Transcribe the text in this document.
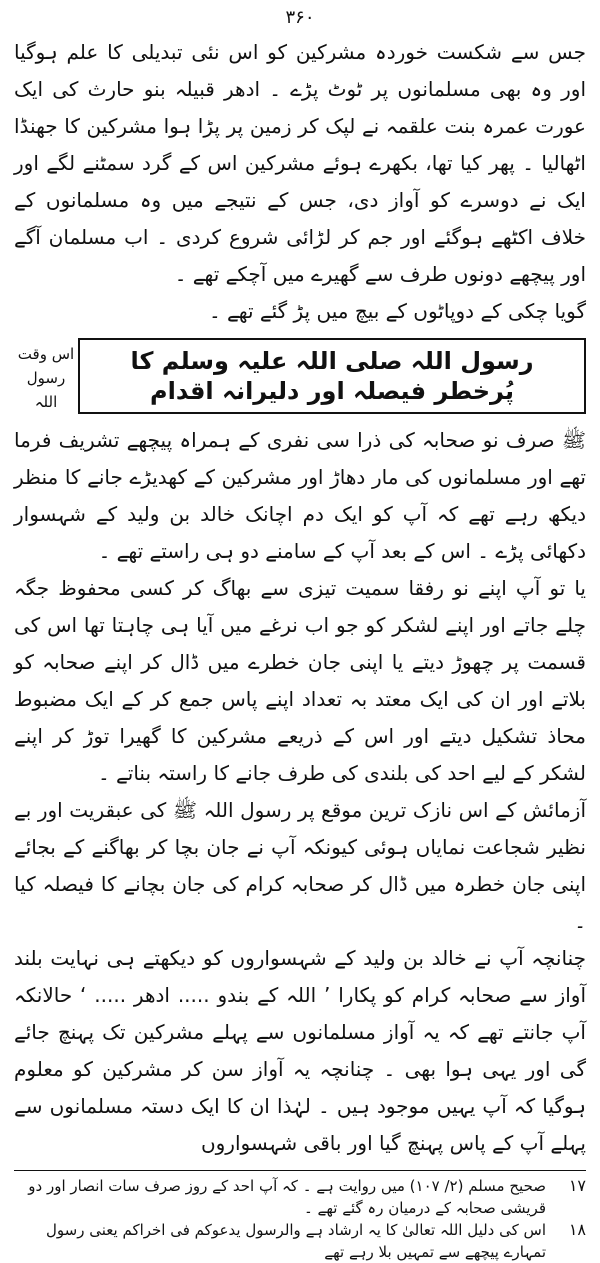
۳۶۰

جس سے شکست خوردہ مشرکین کو اس نئی تبدیلی کا علم ہوگیا اور وہ بھی مسلمانوں پر ٹوٹ پڑے ۔ ادھر قبیلہ بنو حارث کی ایک عورت عمرہ بنت علقمہ نے لپک کر زمین پر پڑا ہوا مشرکین کا جھنڈا اٹھالیا ۔ پھر کیا تھا، بکھرے ہوئے مشرکین اس کے گرد سمٹنے لگے اور ایک نے دوسرے کو آواز دی، جس کے نتیجے میں وہ مسلمانوں کے خلاف اکٹھے ہوگئے اور جم کر لڑائی شروع کردی ۔ اب مسلمان آگے اور پیچھے دونوں طرف سے گھیرے میں آچکے تھے ۔

گویا چکی کے دوپاٹوں کے بیچ میں پڑ گئے تھے ۔

رسول اللہ صلی اللہ علیہ وسلم کا پُرخطر فیصلہ اور دلیرانہ اقدام
اس وقت رسول اللہ

ﷺ صرف نو صحابہ کی ذرا سی نفری کے ہمراہ پیچھے تشریف فرما تھے اور مسلمانوں کی مار دھاڑ اور مشرکین کے کھدیڑے جانے کا منظر دیکھ رہے تھے کہ آپ کو ایک دم اچانک خالد بن ولید کے شہسوار دکھائی پڑے ۔ اس کے بعد آپ کے سامنے دو ہی راستے تھے ۔

یا تو آپ اپنے نو رفقا سمیت تیزی سے بھاگ کر کسی محفوظ جگہ چلے جاتے اور اپنے لشکر کو جو اب نرغے میں آیا ہی چاہتا تھا اس کی قسمت پر چھوڑ دیتے یا اپنی جان خطرے میں ڈال کر اپنے صحابہ کو بلاتے اور ان کی ایک معتد بہ تعداد اپنے پاس جمع کر کے ایک مضبوط محاذ تشکیل دیتے اور اس کے ذریعے مشرکین کا گھیرا توڑ کر اپنے لشکر کے لیے احد کی بلندی کی طرف جانے کا راستہ بناتے ۔

آزمائش کے اس نازک ترین موقع پر رسول اللہ ﷺ کی عبقریت اور بے نظیر شجاعت نمایاں ہوئی کیونکہ آپ نے جان بچا کر بھاگنے کے بجائے اپنی جان خطرہ میں ڈال کر صحابہ کرام کی جان بچانے کا فیصلہ کیا ۔

چنانچہ آپ نے خالد بن ولید کے شہسواروں کو دیکھتے ہی نہایت بلند آواز سے صحابہ کرام کو پکارا ’ اللہ کے بندو ..... ادھر ..... ‘ حالانکہ آپ جانتے تھے کہ یہ آواز مسلمانوں سے پہلے مشرکین تک پہنچ جائے گی اور یہی ہوا بھی ۔ چنانچہ یہ آواز سن کر مشرکین کو معلوم ہوگیا کہ آپ یہیں موجود ہیں ۔ لہٰذا ان کا ایک دستہ مسلمانوں سے پہلے آپ کے پاس پہنچ گیا اور باقی شہسواروں

۱۷
صحیح مسلم (۲/ ۱۰۷) میں روایت ہے ۔ کہ آپ احد کے روز صرف سات انصار اور دو قریشی صحابہ کے درمیان رہ گئے تھے ۔
۱۸
اس کی دلیل اللہ تعالیٰ کا یہ ارشاد ہے والرسول یدعوکم فی اخراکم یعنی رسول تمہارے پیچھے سے تمہیں بلا رہے تھے
